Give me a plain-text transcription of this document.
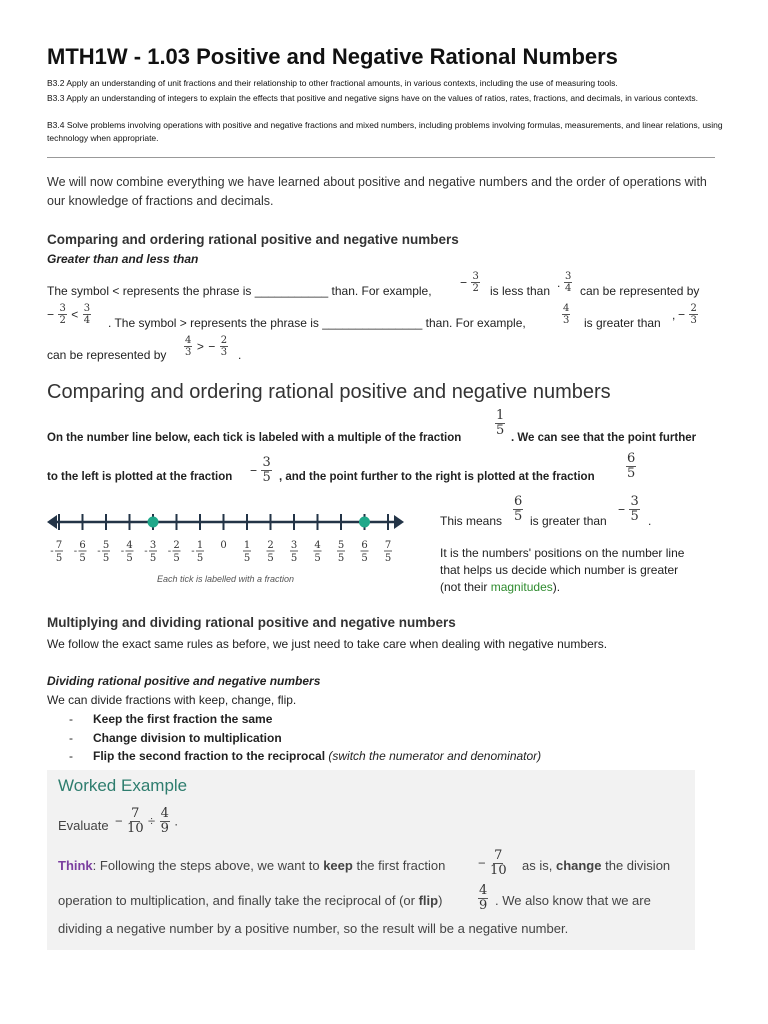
MTH1W - 1.03 Positive and Negative Rational Numbers
B3.2 Apply an understanding of unit fractions and their relationship to other fractional amounts, in various contexts, including the use of measuring tools.
B3.3 Apply an understanding of integers to explain the effects that positive and negative signs have on the values of ratios, rates, fractions, and decimals, in various contexts.
B3.4 Solve problems involving operations with positive and negative fractions and mixed numbers, including problems involving formulas, measurements, and linear relations, using technology when appropriate.
We will now combine everything we have learned about positive and negative numbers and the order of operations with our knowledge of fractions and decimals.
Comparing and ordering rational positive and negative numbers
Greater than and less than
The symbol < represents the phrase is ___________ than. For example,
− $\frac{3}{2}$ is less than
. $\frac{3}{4}$ can be represented by
− $\frac{3}{2} < \frac{3}{4}$ . The symbol > represents the phrase is _______________ than. For example,	$\frac{4}{3}$ is greater than
, − $\frac{2}{3}$
can be represented by $\frac{4}{3}$ > − $\frac{2}{3}$ .
Comparing and ordering rational positive and negative numbers
On the number line below, each tick is labeled with a multiple of the fraction	$\frac{1}{5}$ . We can see that the point further
to the left is plotted at the fraction − $\frac{3}{5}$ , and the point further to the right is plotted at the fraction $\frac{6}{5}$
-
7
5
-
6
5
-
5
5
-
4
5
-
3
5
-
2
5
-
1
5
0 1
5
2
5
3
5
4
5
5
5
6
5
7
5
Each tick is labelled with a fraction
This means $\frac{6}{5}$ is greater than
− $\frac{3}{5}$ .
It is the numbers' positions on the number line
that helps us decide which number is greater
(not their magnitudes).
Multiplying and dividing rational positive and negative numbers
We follow the exact same rules as before, we just need to take care when dealing with negative numbers.
Dividing rational positive and negative numbers
We can divide fractions with keep, change, flip.
- Keep the first fraction the same
- Change division to multiplication
- Flip the second fraction to the reciprocal (switch the numerator and denominator)
Worked Example
Evaluate − $\frac{7}{10} \div \frac{4}{9}$ .
Think: Following the steps above, we want to keep the first fraction	− $\frac{7}{10}$ as is, change the division
operation to multiplication, and finally take the reciprocal of (or flip)	$\frac{4}{9}$ . We also know that we are
dividing a negative number by a positive number, so the result will be a negative number.
